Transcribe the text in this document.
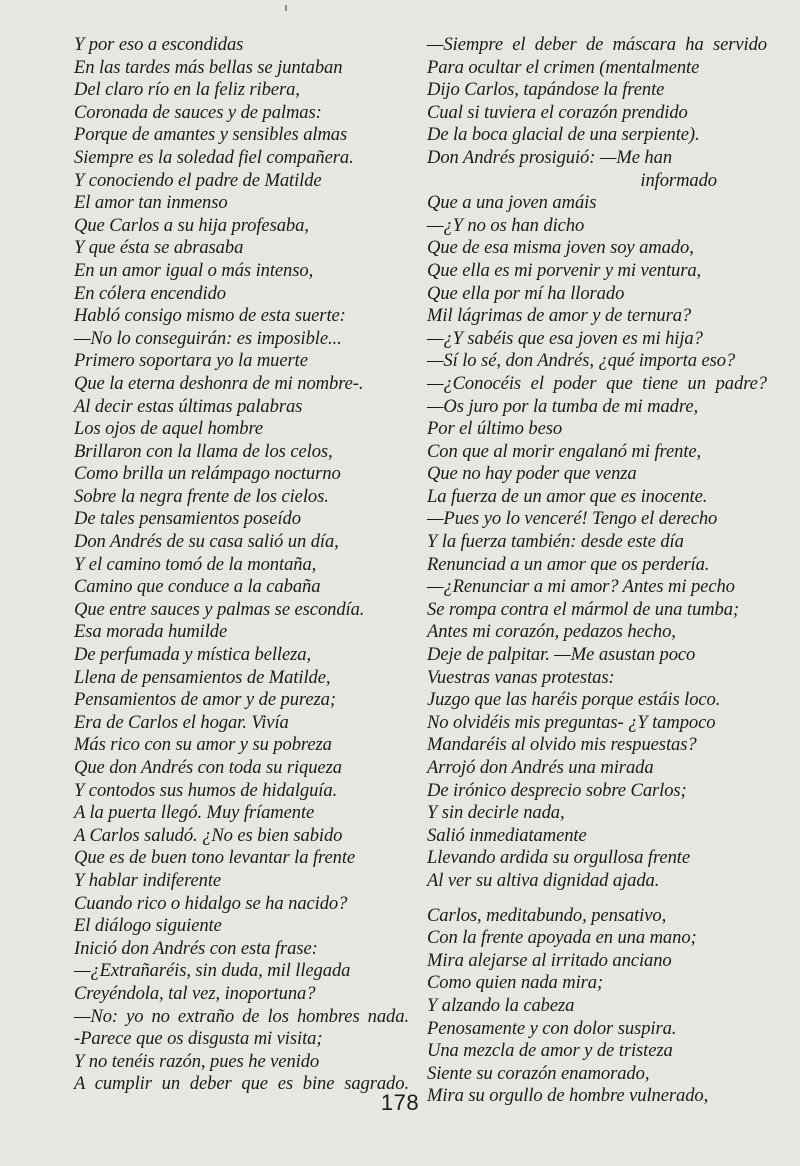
Y por eso a escondidas
En las tardes más bellas se juntaban
Del claro río en la feliz ribera,
Coronada de sauces y de palmas:
Porque de amantes y sensibles almas
Siempre es la soledad fiel compañera.
Y conociendo el padre de Matilde
El amor tan inmenso
Que Carlos a su hija profesaba,
Y que ésta se abrasaba
En un amor igual o más intenso,
En cólera encendido
Habló consigo mismo de esta suerte:
—No lo conseguirán: es imposible...
Primero soportara yo la muerte
Que la eterna deshonra de mi nombre-.
Al decir estas últimas palabras
Los ojos de aquel hombre
Brillaron con la llama de los celos,
Como brilla un relámpago nocturno
Sobre la negra frente de los cielos.
De tales pensamientos poseído
Don Andrés de su casa salió un día,
Y el camino tomó de la montaña,
Camino que conduce a la cabaña
Que entre sauces y palmas se escondía.
Esa morada humilde
De perfumada y mística belleza,
Llena de pensamientos de Matilde,
Pensamientos de amor y de pureza;
Era de Carlos el hogar. Vivía
Más rico con su amor y su pobreza
Que don Andrés con toda su riqueza
Y contodos sus humos de hidalguía.
A la puerta llegó. Muy fríamente
A Carlos saludó. ¿No es bien sabido
Que es de buen tono levantar la frente
Y hablar indiferente
Cuando rico o hidalgo se ha nacido?
El diálogo siguiente
Inició don Andrés con esta frase:
—¿Extrañaréis, sin duda, mil llegada
Creyéndola, tal vez, inoportuna?
—No: yo no extraño de los hombres nada.
-Parece que os disgusta mi visita;
Y no tenéis razón, pues he venido
A cumplir un deber que es bine sagrado.
—Siempre el deber de máscara ha servido
Para ocultar el crimen (mentalmente
Dijo Carlos, tapándose la frente
Cual si tuviera el corazón prendido
De la boca glacial de una serpiente).
Don Andrés prosiguió: —Me han
informado
Que a una joven amáis
—¿Y no os han dicho
Que de esa misma joven soy amado,
Que ella es mi porvenir y mi ventura,
Que ella por mí ha llorado
Mil lágrimas de amor y de ternura?
—¿Y sabéis que esa joven es mi hija?
—Sí lo sé, don Andrés, ¿qué importa eso?
—¿Conocéis el poder que tiene un padre?
—Os juro por la tumba de mi madre,
Por el último beso
Con que al morir engalanó mi frente,
Que no hay poder que venza
La fuerza de un amor que es inocente.
—Pues yo lo venceré! Tengo el derecho
Y la fuerza también: desde este día
Renunciad a un amor que os perdería.
—¿Renunciar a mi amor? Antes mi pecho
Se rompa contra el mármol de una tumba;
Antes mi corazón, pedazos hecho,
Deje de palpitar. —Me asustan poco
Vuestras vanas protestas:
Juzgo que las haréis porque estáis loco.
No olvidéis mis preguntas- ¿Y tampoco
Mandaréis al olvido mis respuestas?
Arrojó don Andrés una mirada
De irónico desprecio sobre Carlos;
Y sin decirle nada,
Salió inmediatamente
Llevando ardida su orgullosa frente
Al ver su altiva dignidad ajada.
Carlos, meditabundo, pensativo,
Con la frente apoyada en una mano;
Mira alejarse al irritado anciano
Como quien nada mira;
Y alzando la cabeza
Penosamente y con dolor suspira.
Una mezcla de amor y de tristeza
Siente su corazón enamorado,
Mira su orgullo de hombre vulnerado,
178
